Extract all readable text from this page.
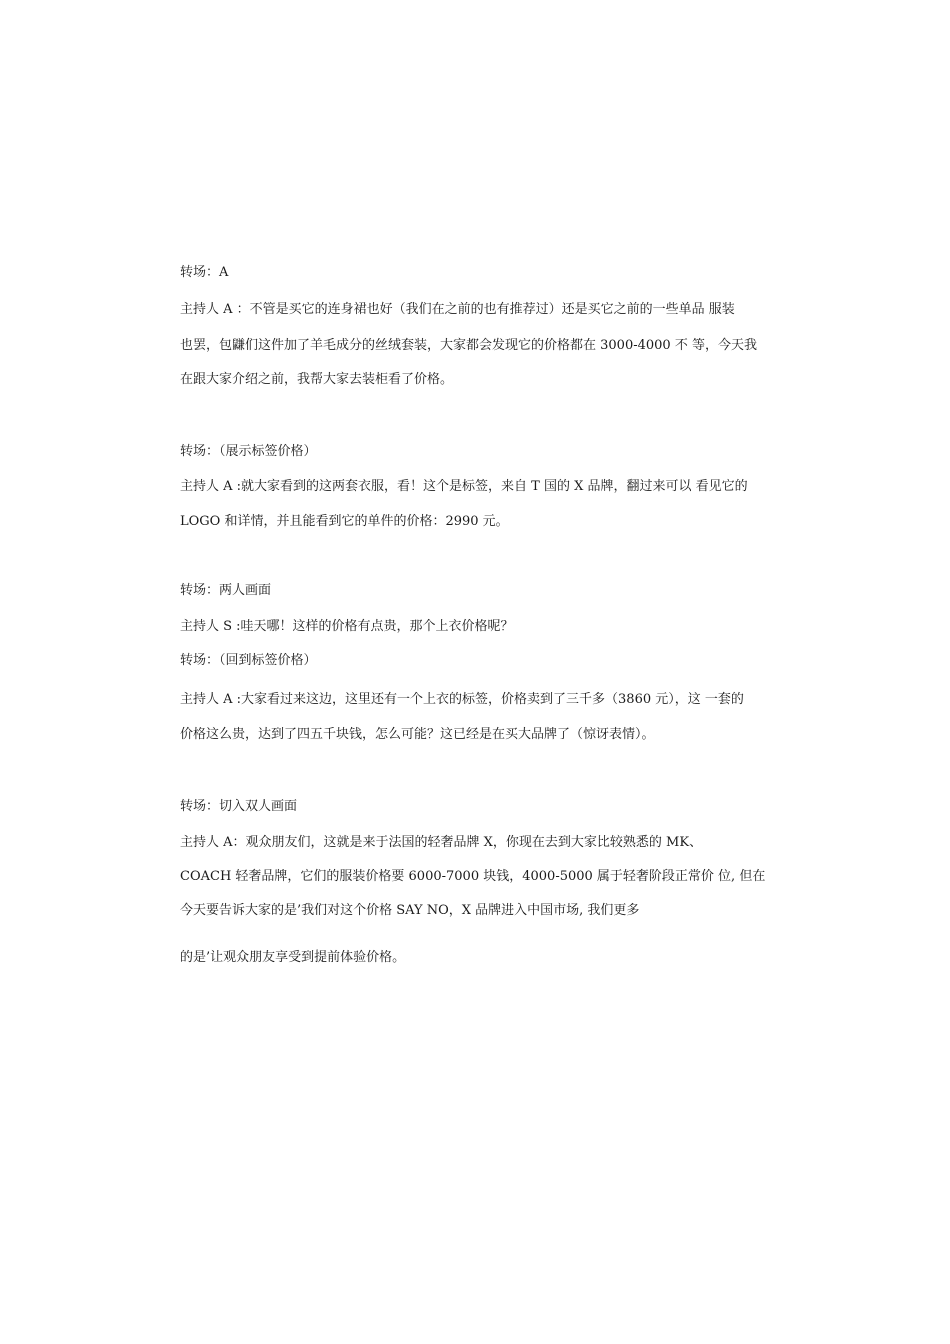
转场：A

主持人 A ：不管是买它的连身裙也好（我们在之前的也有推荐过）还是买它之前的一些单品 服装

也罢，包鼸们这件加了羊毛成分的丝绒套装，大家都会发现它的价格都在 3000-4000 不 等，今天我

在跟大家介绍之前，我帮大家去装柜看了价格。

转场：（展示标签价格）

主持人 A :就大家看到的这两套衣服，看！这个是标签，来自 T 国的 X 品牌，翻过来可以 看见它的

LOGO 和详情，并且能看到它的单件的价格：2990 元。

转场：两人画面

主持人 S :哇天哪！这样的价格有点贵，那个上衣价格呢？

转场：（回到标签价格）

主持人 A :大家看过来这边，这里还有一个上衣的标签，价格卖到了三千多（3860 元），这 一套的

价格这么贵，达到了四五千块钱，怎么可能？这已经是在买大品牌了（惊讶表情）。

转场：切入双人画面

主持人 A：观众朋友们，这就是来于法国的轻奢品牌 X，你现在去到大家比较熟悉的 MK、

COACH 轻奢品牌，它们的服装价格要 6000-7000 块钱，4000-5000 属于轻奢阶段正常价 位, 但在

今天要告诉大家的是’我们对这个价格 SAY NO，X 品牌进入中国市场, 我们更多

的是’让观众朋友享受到提前体验价格。
